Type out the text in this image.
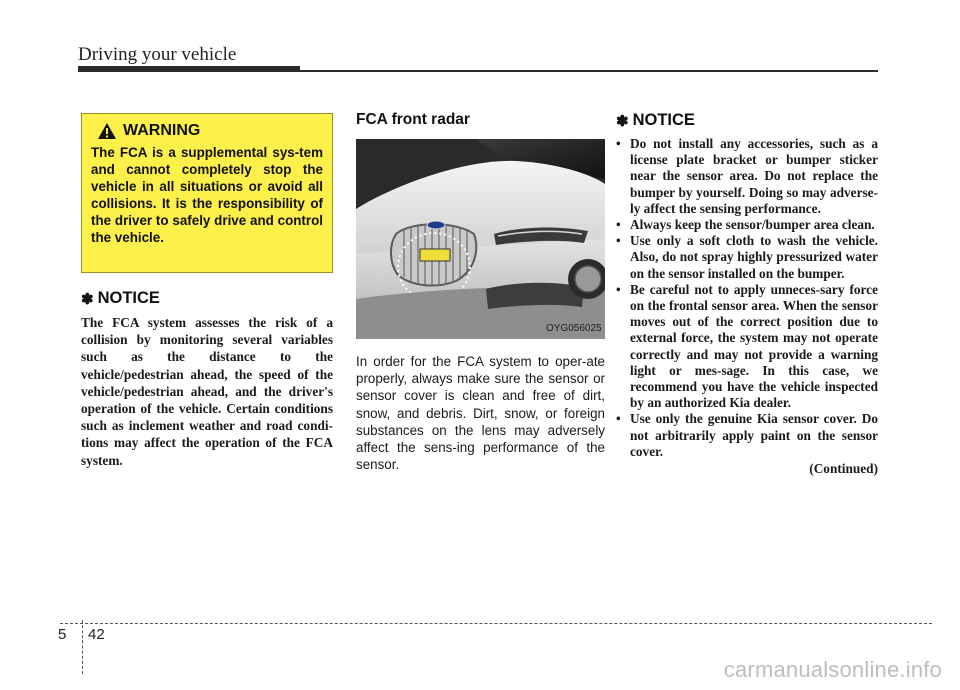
Driving your vehicle
WARNING
The FCA is a supplemental sys-tem and cannot completely stop the vehicle in all situations or avoid all collisions. It is the responsibility of the driver to safely drive and control the vehicle.
✽ NOTICE
The FCA system assesses the risk of a collision by monitoring several variables such as the distance to the vehicle/pedestrian ahead, the speed of the vehicle/pedestrian ahead, and the driver's operation of the vehicle. Certain conditions such as inclement weather and road condi-tions may affect the operation of the FCA system.
FCA front radar
In order for the FCA system to oper-ate properly, always make sure the sensor or sensor cover is clean and free of dirt, snow, and debris. Dirt, snow, or foreign substances on the lens may adversely affect the sens-ing performance of the sensor.
OYG056025
✽ NOTICE
• Do not install any accessories, such as a license plate bracket or bumper sticker near the sensor area. Do not replace the bumper by yourself. Doing so may adverse-ly affect the sensing performance.
• Always keep the sensor/bumper area clean.
• Use only a soft cloth to wash the vehicle. Also, do not spray highly pressurized water on the sensor installed on the bumper.
• Be careful not to apply unneces-sary force on the frontal sensor area. When the sensor moves out of the correct position due to external force, the system may not operate correctly and may not provide a warning light or mes-sage. In this case, we recommend you have the vehicle inspected by an authorized Kia dealer.
• Use only the genuine Kia sensor cover. Do not arbitrarily apply paint on the sensor cover.
(Continued)
5 42
carmanualsonline.info
